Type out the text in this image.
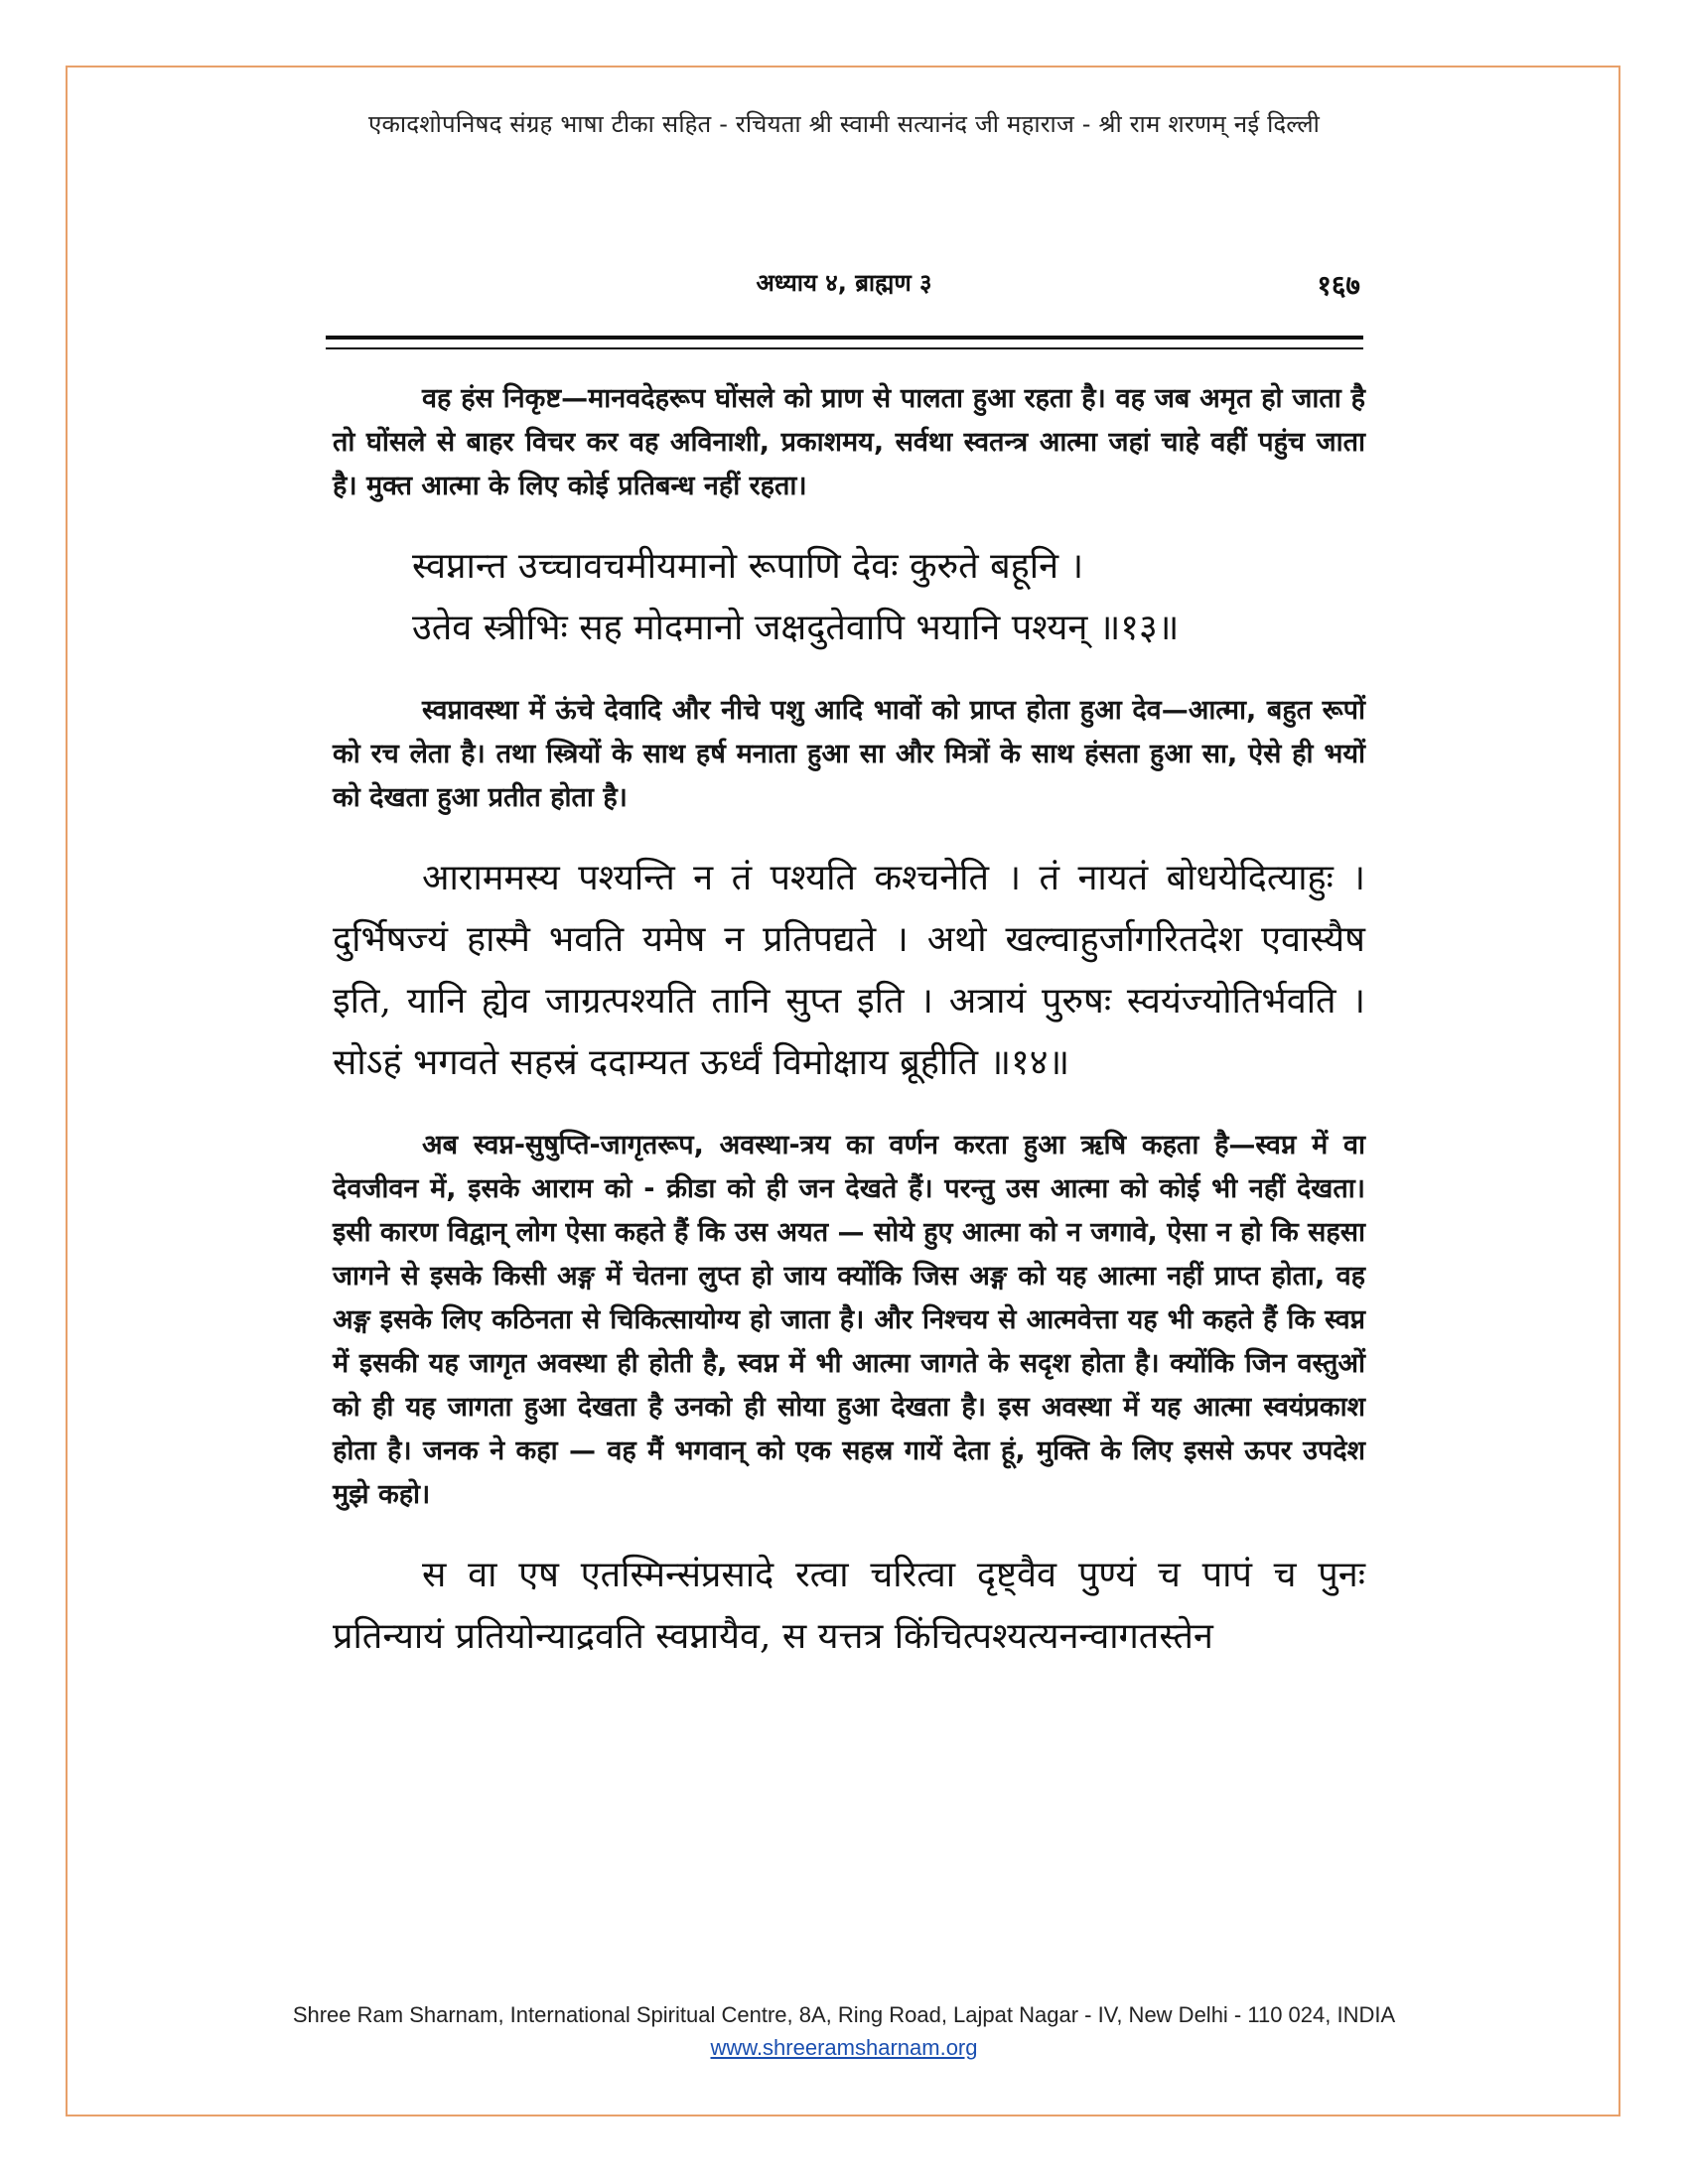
एकादशोपनिषद संग्रह भाषा टीका सहित - रचियता श्री स्वामी सत्यानंद जी महाराज - श्री राम शरणम् नई दिल्ली
अध्याय ४, ब्राह्मण ३	१६७

वह हंस निकृष्ट—मानवदेहरूप घोंसले को प्राण से पालता हुआ रहता है। वह जब अमृत हो जाता है तो घोंसले से बाहर विचर कर वह अविनाशी, प्रकाशमय, सर्वथा स्वतन्त्र आत्मा जहां चाहे वहीं पहुंच जाता है। मुक्त आत्मा के लिए कोई प्रतिबन्ध नहीं रहता।

स्वप्नान्त उच्चावचमीयमानो रूपाणि देवः कुरुते बहूनि ।
उतेव स्त्रीभिः सह मोदमानो जक्षदुतेवापि भयानि पश्यन् ॥१३॥

स्वप्नावस्था में ऊंचे देवादि और नीचे पशु आदि भावों को प्राप्त होता हुआ देव—आत्मा, बहुत रूपों को रच लेता है। तथा स्त्रियों के साथ हर्ष मनाता हुआ सा और मित्रों के साथ हंसता हुआ सा, ऐसे ही भयों को देखता हुआ प्रतीत होता है।

आराममस्य पश्यन्ति न तं पश्यति कश्चनेति । तं नायतं बोधयेदित्याहुः । दुर्भिषज्यं हास्मै भवति यमेष न प्रतिपद्यते । अथो खल्वाहुर्जागरितदेश एवास्यैष इति, यानि ह्येव जाग्रत्पश्यति तानि सुप्त इति । अत्रायं पुरुषः स्वयंज्योतिर्भवति । सोऽहं भगवते सहस्रं ददाम्यत ऊर्ध्वं विमोक्षाय ब्रूहीति ॥१४॥

अब स्वप्न-सुषुप्ति-जागृतरूप, अवस्था-त्रय का वर्णन करता हुआ ऋषि कहता है—स्वप्न में वा देवजीवन में, इसके आराम को - क्रीडा को ही जन देखते हैं। परन्तु उस आत्मा को कोई भी नहीं देखता। इसी कारण विद्वान् लोग ऐसा कहते हैं कि उस अयत — सोये हुए आत्मा को न जगावे, ऐसा न हो कि सहसा जागने से इसके किसी अङ्ग में चेतना लुप्त हो जाय क्योंकि जिस अङ्ग को यह आत्मा नहीं प्राप्त होता, वह अङ्ग इसके लिए कठिनता से चिकित्सायोग्य हो जाता है। और निश्चय से आत्मवेत्ता यह भी कहते हैं कि स्वप्न में इसकी यह जागृत अवस्था ही होती है, स्वप्न में भी आत्मा जागते के सदृश होता है। क्योंकि जिन वस्तुओं को ही यह जागता हुआ देखता है उनको ही सोया हुआ देखता है। इस अवस्था में यह आत्मा स्वयंप्रकाश होता है। जनक ने कहा — वह मैं भगवान् को एक सहस्र गायें देता हूं, मुक्ति के लिए इससे ऊपर उपदेश मुझे कहो।

स वा एष एतस्मिन्संप्रसादे रत्वा चरित्वा दृष्ट्वैव पुण्यं च पापं च पुनः प्रतिन्यायं प्रतियोन्याद्रवति स्वप्नायैव, स यत्तत्र किंचित्पश्यत्यनन्वागतस्तेन

Shree Ram Sharnam, International Spiritual Centre, 8A, Ring Road, Lajpat Nagar - IV, New Delhi - 110 024, INDIA
www.shreeramsharnam.org
